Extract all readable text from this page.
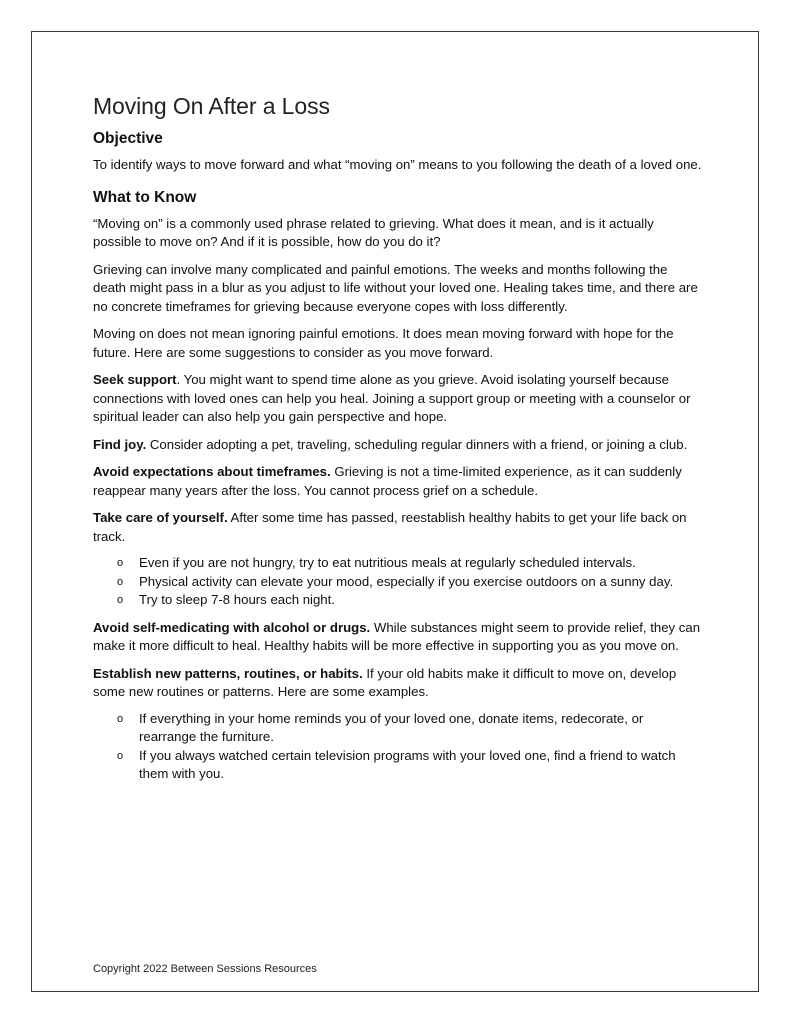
Moving On After a Loss
Objective

To identify ways to move forward and what “moving on” means to you following the death of a loved one.

What to Know

“Moving on” is a commonly used phrase related to grieving. What does it mean, and is it actually possible to move on? And if it is possible, how do you do it?

Grieving can involve many complicated and painful emotions. The weeks and months following the death might pass in a blur as you adjust to life without your loved one. Healing takes time, and there are no concrete timeframes for grieving because everyone copes with loss differently.

Moving on does not mean ignoring painful emotions. It does mean moving forward with hope for the future. Here are some suggestions to consider as you move forward.

Seek support. You might want to spend time alone as you grieve. Avoid isolating yourself because connections with loved ones can help you heal. Joining a support group or meeting with a counselor or spiritual leader can also help you gain perspective and hope.

Find joy. Consider adopting a pet, traveling, scheduling regular dinners with a friend, or joining a club.

Avoid expectations about timeframes. Grieving is not a time-limited experience, as it can suddenly reappear many years after the loss. You cannot process grief on a schedule.

Take care of yourself. After some time has passed, reestablish healthy habits to get your life back on track.

o Even if you are not hungry, try to eat nutritious meals at regularly scheduled intervals.
o Physical activity can elevate your mood, especially if you exercise outdoors on a sunny day.
o Try to sleep 7-8 hours each night.

Avoid self-medicating with alcohol or drugs. While substances might seem to provide relief, they can make it more difficult to heal. Healthy habits will be more effective in supporting you as you move on.

Establish new patterns, routines, or habits. If your old habits make it difficult to move on, develop some new routines or patterns. Here are some examples.

o If everything in your home reminds you of your loved one, donate items, redecorate, or rearrange the furniture.
o If you always watched certain television programs with your loved one, find a friend to watch them with you.
Copyright 2022 Between Sessions Resources
